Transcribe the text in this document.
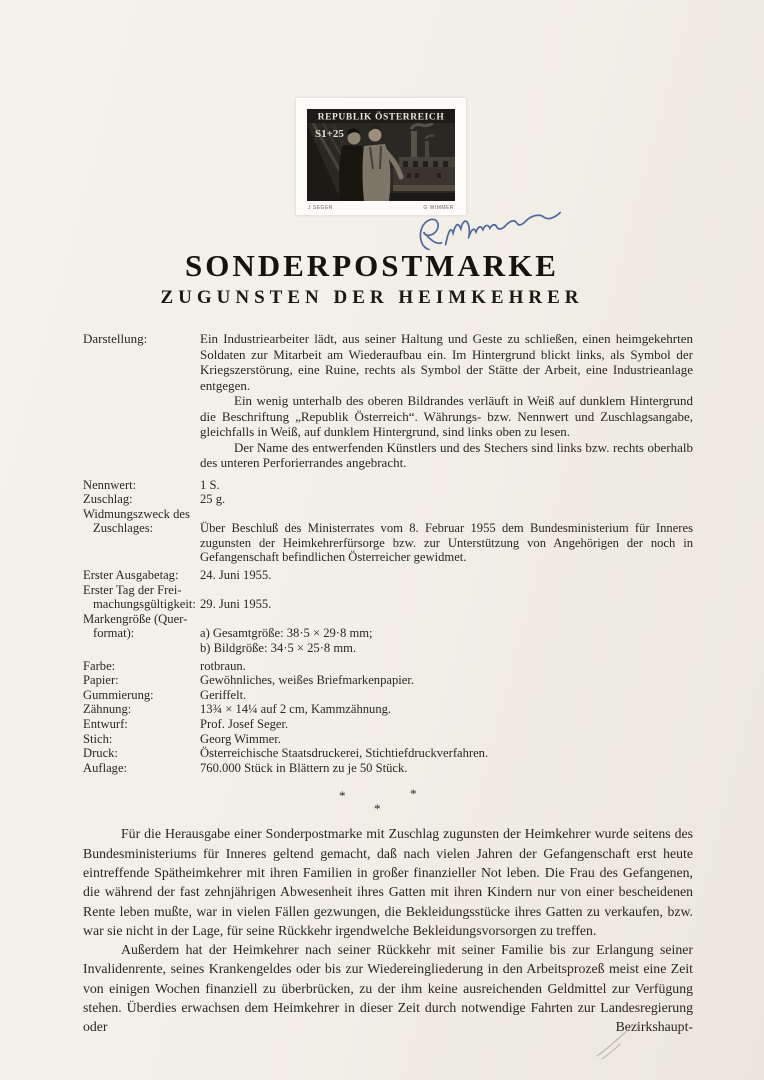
REPUBLIK ÖSTERREICH
S1+25
J SEGER	G WIMMER
SONDERPOSTMARKE
ZUGUNSTEN DER HEIMKEHRER
Darstellung:	Ein Industriearbeiter lädt, aus seiner Haltung und Geste zu schließen, einen heimgekehrten Soldaten zur Mitarbeit am Wiederaufbau ein. Im Hintergrund blickt links, als Symbol der Kriegszerstörung, eine Ruine, rechts als Symbol der Stätte der Arbeit, eine Industrieanlage entgegen.

Ein wenig unterhalb des oberen Bildrandes verläuft in Weiß auf dunklem Hintergrund die Beschriftung „Republik Österreich“. Währungs- bzw. Nennwert und Zuschlagsangabe, gleichfalls in Weiß, auf dunklem Hintergrund, sind links oben zu lesen.

Der Name des entwerfenden Künstlers und des Stechers sind links bzw. rechts oberhalb des unteren Perforierrandes angebracht.

Nennwert:	1 S.
Zuschlag:	25 g.
Widmungszweck des
Zuschlages:	Über Beschluß des Ministerrates vom 8. Februar 1955 dem Bundesministerium für Inneres zugunsten der Heimkehrerfürsorge bzw. zur Unterstützung von Angehörigen der noch in Gefangenschaft befindlichen Österreicher gewidmet.
Erster Ausgabetag:	24. Juni 1955.
Erster Tag der Frei-
machungsgültigkeit: 29. Juni 1955.
Markengröße (Quer-
format):	a) Gesamtgröße: 38·5 × 29·8 mm;
b) Bildgröße: 34·5 × 25·8 mm.
Farbe:	rotbraun.
Papier:	Gewöhnliches, weißes Briefmarkenpapier.
Gummierung:	Geriffelt.
Zähnung:	13¾ × 14¼ auf 2 cm, Kammzähnung.
Entwurf:	Prof. Josef Seger.
Stich:	Georg Wimmer.
Druck:	Österreichische Staatsdruckerei, Stichtiefdruckverfahren.
Auflage:	760.000 Stück in Blättern zu je 50 Stück.
*	*
*

Für die Herausgabe einer Sonderpostmarke mit Zuschlag zugunsten der Heimkehrer wurde seitens des Bundesministeriums für Inneres geltend gemacht, daß nach vielen Jahren der Gefangenschaft erst heute eintreffende Spätheimkehrer mit ihren Familien in großer finanzieller Not leben. Die Frau des Gefangenen, die während der fast zehnjährigen Abwesenheit ihres Gatten mit ihren Kindern nur von einer bescheidenen Rente leben mußte, war in vielen Fällen gezwungen, die Bekleidungsstücke ihres Gatten zu verkaufen, bzw. war sie nicht in der Lage, für seine Rückkehr irgendwelche Bekleidungsvorsorgen zu treffen.

Außerdem hat der Heimkehrer nach seiner Rückkehr mit seiner Familie bis zur Erlangung seiner Invalidenrente, seines Krankengeldes oder bis zur Wiedereingliederung in den Arbeitsprozeß meist eine Zeit von einigen Wochen finanziell zu überbrücken, zu der ihm keine ausreichenden Geldmittel zur Verfügung stehen. Überdies erwachsen dem Heimkehrer in dieser Zeit durch notwendige Fahrten zur Landesregierung oder Bezirkshaupt-
